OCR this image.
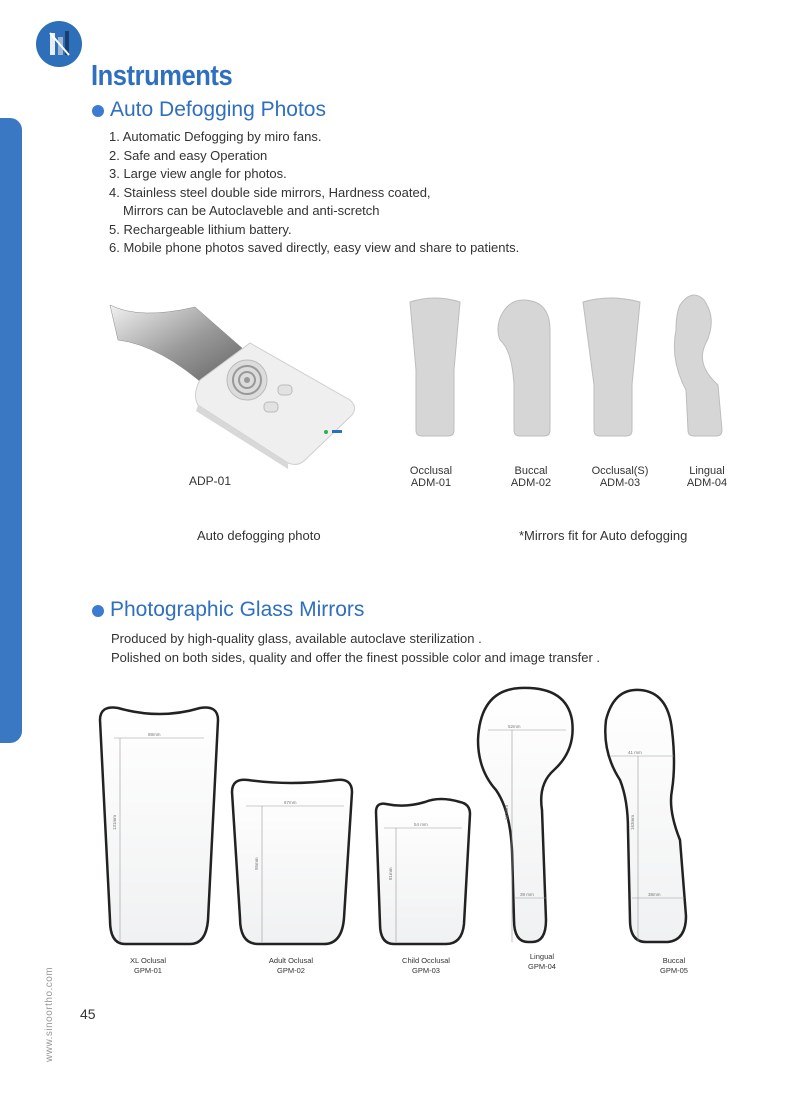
Instruments
Auto Defogging Photos
1. Automatic Defogging by miro fans.
2. Safe and easy Operation
3. Large view angle for photos.
4. Stainless steel double side mirrors, Hardness coated,
Mirrors can be Autoclaveble and anti-scretch
5. Rechargeable lithium battery.
6. Mobile phone photos saved directly, easy view and share to patients.
ADP-01
Occlusal
ADM-01
Buccal
ADM-02
Occlusal(S)
ADM-03
Lingual
ADM-04
Auto defogging photo	*Mirrors fit for Auto defogging
Photographic Glass Mirrors
Produced by high-quality glass, available autoclave sterilization .
Polished on both sides, quality and offer the finest possible color and image transfer .
88mm
131mm
67mm
95mm
54 mm
81mm
52mm
167mm
39 mm
41 mm
163mm
38mm
XL Oclusal
GPM-01
Adult Oclusal
GPM-02
Child Occlusal
GPM-03
Lingual
GPM-04
Buccal
GPM-05
www.sinoortho.com 45
